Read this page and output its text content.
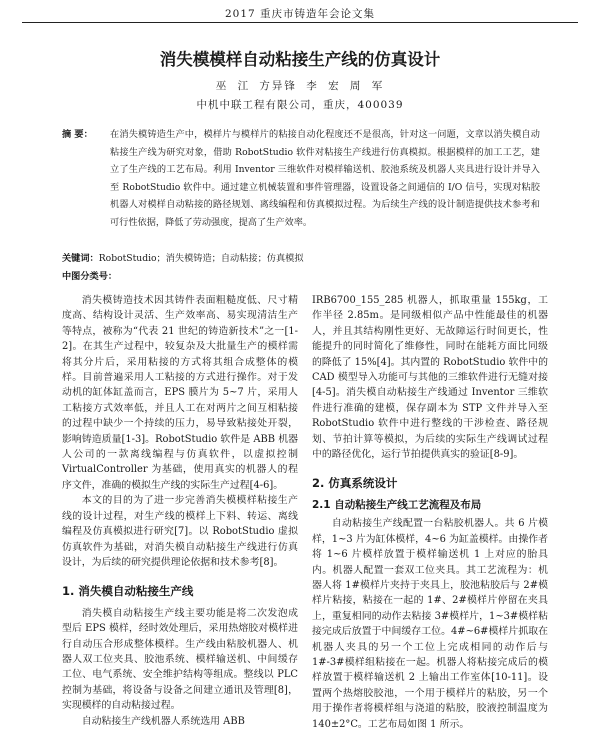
2017 重庆市铸造年会论文集
消失模模样自动粘接生产线的仿真设计
巫 江 方异锋 李 宏 周 军
中机中联工程有限公司，重庆，400039
摘 要： 在消失模铸造生产中，模样片与模样片的粘接自动化程度还不是很高，针对这一问题，文章以消失模自动粘接生产线为研究对象，借助 RobotStudio 软件对粘接生产线进行仿真模拟。根据模样的加工工艺，建立了生产线的工艺布局。利用 Inventor 三维软件对模样输送机、胶池系统及机器人夹具进行设计并导入至 RobotStudio 软件中。通过建立机械装置和事件管理器，设置设备之间通信的 I/O 信号，实现对粘胶机器人对模样自动粘接的路径规划、离线编程和仿真模拟过程。为后续生产线的设计制造提供技术参考和可行性依据，降低了劳动强度，提高了生产效率。
关键词：RobotStudio；消失模铸造；自动粘接；仿真模拟
中图分类号：

消失模铸造技术因其铸件表面粗糙度低、尺寸精度高、结构设计灵活、生产效率高、易实现清洁生产等特点，被称为“代表 21 世纪的铸造新技术”之一[1-2]。在其生产过程中，较复杂及大批量生产的模样需将其分片后，采用粘接的方式将其组合成整体的模样。目前普遍采用人工粘接的方式进行操作。对于发动机的缸体缸盖而言，EPS 膜片为 5~7 片，采用人工粘接方式效率低，并且人工在对两片之间互相粘接的过程中缺少一个持续的压力，易导致粘接处开裂，影响铸造质量[1-3]。RobotStudio 软件是 ABB 机器人公司的一款离线编程与仿真软件，以虚拟控制 VirtualController 为基础，使用真实的机器人的程序文件，准确的模拟生产线的实际生产过程[4-6]。

本文的目的为了进一步完善消失模模样粘接生产线的设计过程，对生产线的模样上下料、转运、离线编程及仿真模拟进行研究[7]。以 RobotStudio 虚拟仿真软件为基础，对消失模自动粘接生产线进行仿真设计，为后续的研究提供理论依据和技术参考[8]。

1. 消失模自动粘接生产线

消失模自动粘接生产线主要功能是将二次发泡成型后 EPS 模样，经时效处理后，采用热熔胶对模样进行自动压合形成整体模样。生产线由粘胶机器人、机器人双工位夹具、胶池系统、模样输送机、中间缓存工位、电气系统、安全维护结构等组成。整线以 PLC 控制为基础，将设备与设备之间建立通讯及管理[8]，实现模样的自动粘接过程。

自动粘接生产线机器人系统选用 ABB

IRB6700_155_285 机器人，抓取重量 155kg，工作半径 2.85m。是同级相似产品中性能最佳的机器人，并且其结构刚性更好、无故障运行时间更长，性能提升的同时简化了维修性，同时在能耗方面比同级的降低了 15%[4]。其内置的 RobotStudio 软件中的 CAD 模型导入功能可与其他的三维软件进行无缝对接[4-5]。消失模自动粘接生产线通过 Inventor 三维软件进行准确的建模，保存副本为 STP 文件并导入至 RobotStudio 软件中进行整线的干涉检查、路径规划、节拍计算等模拟，为后续的实际生产线调试过程中的路径优化，运行节拍提供真实的验证[8-9]。

2. 仿真系统设计
2.1 自动粘接生产线工艺流程及布局

自动粘接生产线配置一台粘胶机器人。共 6 片模样，1~3 片为缸体模样，4~6 为缸盖模样。由操作者将 1~6 片模样放置于模样输送机 1 上对应的胎具内。机器人配置一套双工位夹具。其工艺流程为：机器人将 1#模样片夹持于夹具上，胶池粘胶后与 2#模样片粘接，粘接在一起的 1#、2#模样片停留在夹具上，重复相同的动作去粘接 3#模样片，1~3#模样粘接完成后放置于中间缓存工位。4#~6#模样片抓取在机器人夹具的另一个工位上完成相同的动作后与 1#-3#模样组粘接在一起。机器人将粘接完成后的模样放置于模样输送机 2 上输出工作室体[10-11]。设置两个热熔胶胶池，一个用于模样片的粘胶，另一个用于操作者将模样组与浇道的粘胶，胶液控制温度为 140±2°C。工艺布局如图 1 所示。
